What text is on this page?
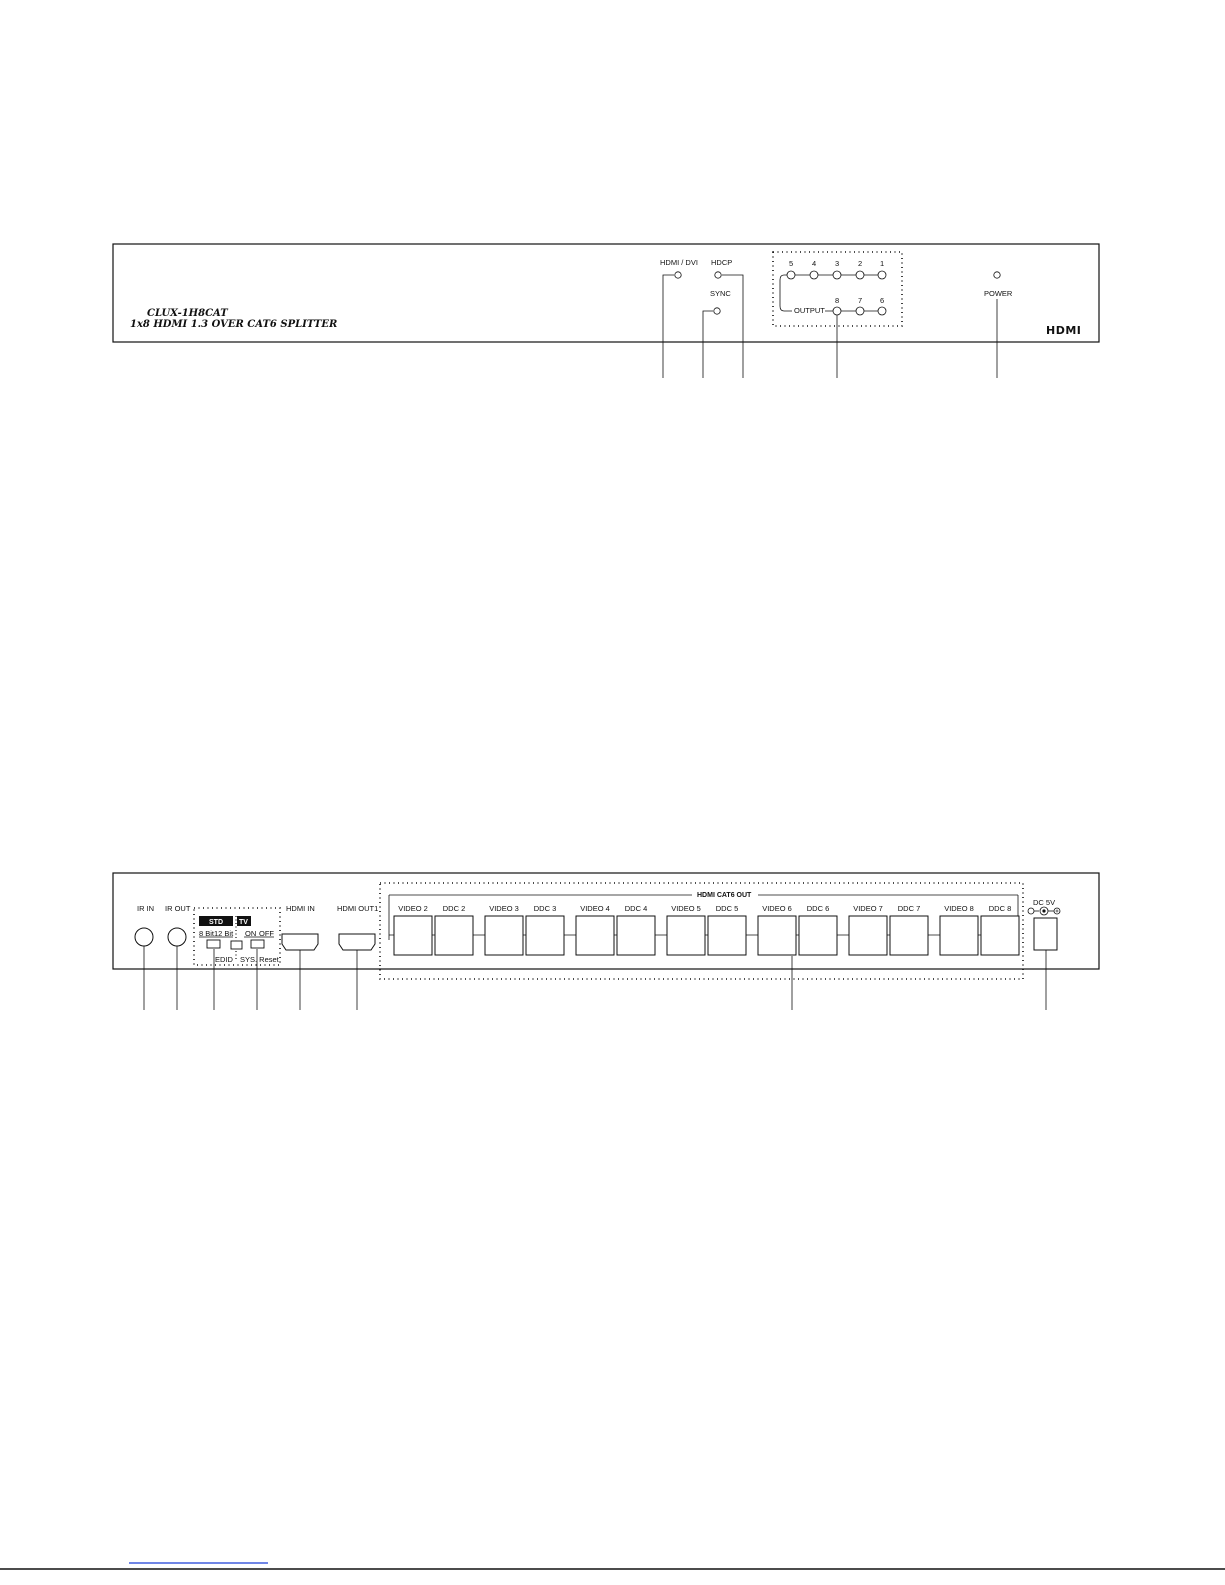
CLUX-1H8CAT
1x8 HDMI 1.3 OVER CAT6 SPLITTER
HDMI / DVI HDCP
SYNC
5	4	3	2 1
8	7 6
OUTPUT
POWER
HDMI
IR IN IR OUT
STD TV
8 Bit 12 Bit ON OFF
EDID SYS. Reset
HDMI IN	HDMI OUT1
HDMI CAT6 OUT
VIDEO 2 DDC 2	VIDEO 3 DDC 3	VIDEO 4 DDC 4	VIDEO 5 DDC 5	VIDEO 6 DDC 6	VIDEO 7 DDC 7	VIDEO 8 DDC 8
DC 5V
